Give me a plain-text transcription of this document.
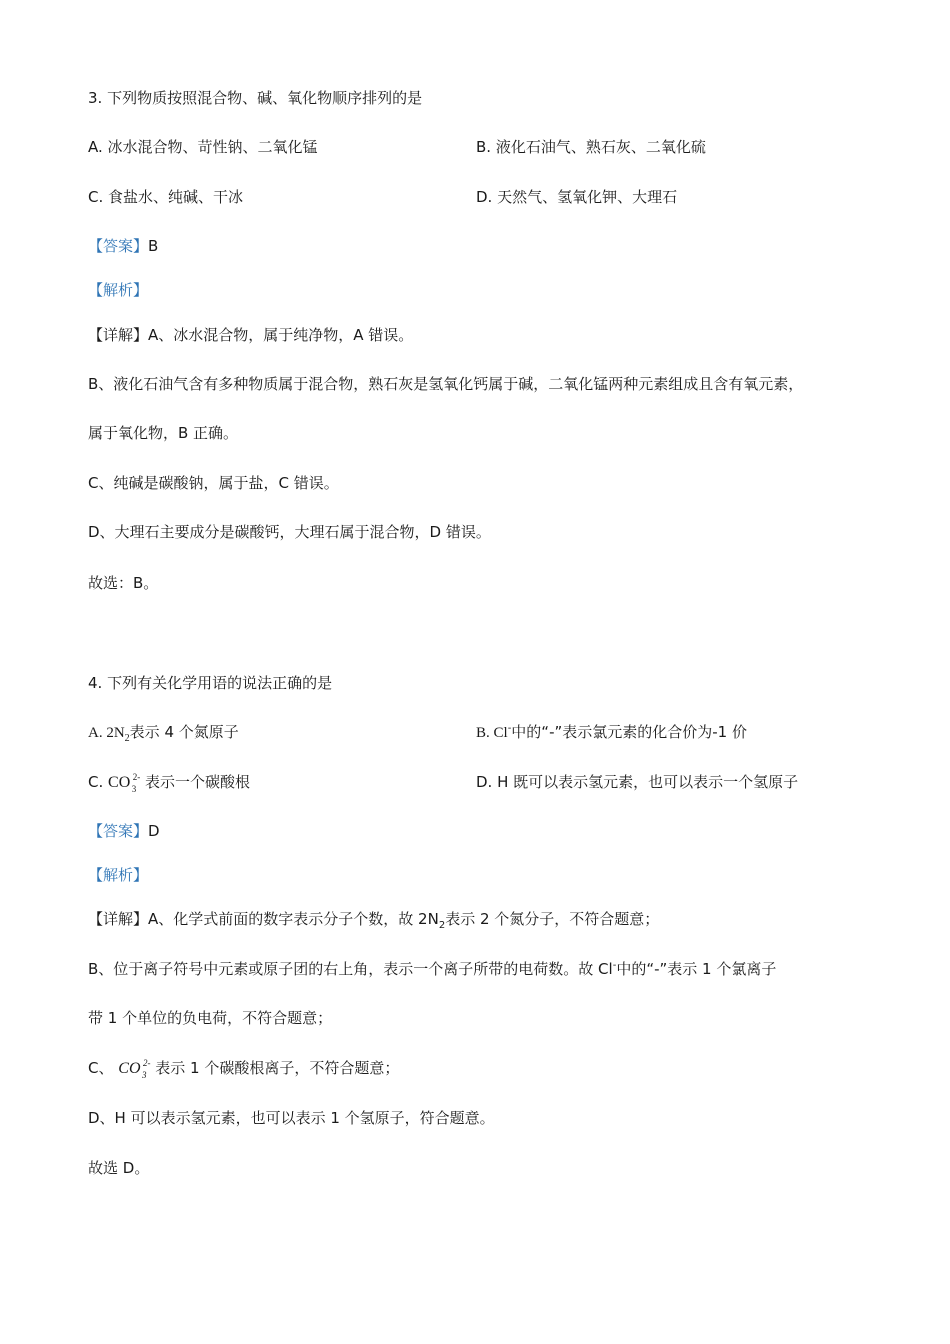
3. 下列物质按照混合物、碱、氧化物顺序排列的是
A. 冰水混合物、苛性钠、二氧化锰	B. 液化石油气、熟石灰、二氧化硫
C. 食盐水、纯碱、干冰	D. 天然气、氢氧化钾、大理石
【答案】B
【解析】
【详解】A、冰水混合物，属于纯净物，A 错误。
B、液化石油气含有多种物质属于混合物，熟石灰是氢氧化钙属于碱，二氧化锰两种元素组成且含有氧元素，
属于氧化物，B 正确。
C、纯碱是碳酸钠，属于盐，C 错误。
D、大理石主要成分是碳酸钙，大理石属于混合物，D 错误。
故选：B。
4. 下列有关化学用语的说法正确的是
A. $2N_2$表示 4 个氮原子	B. Cl-中的“-”表示氯元素的化合价为-1 价
C. CO 2-
3 表示一个碳酸根	D. H 既可以表示氢元素，也可以表示一个氢原子
【答案】D
【解析】
【详解】A、化学式前面的数字表示分子个数，故 $2N_2$表示 2 个氮分子，不符合题意；
B、位于离子符号中元素或原子团的右上角，表示一个离子所带的电荷数。故 Cl-中的“-”表示 1 个氯离子
带 1 个单位的负电荷，不符合题意；
C、 CO 2-
3 表示 1 个碳酸根离子，不符合题意；
D、H 可以表示氢元素，也可以表示 1 个氢原子，符合题意。
故选 D。
